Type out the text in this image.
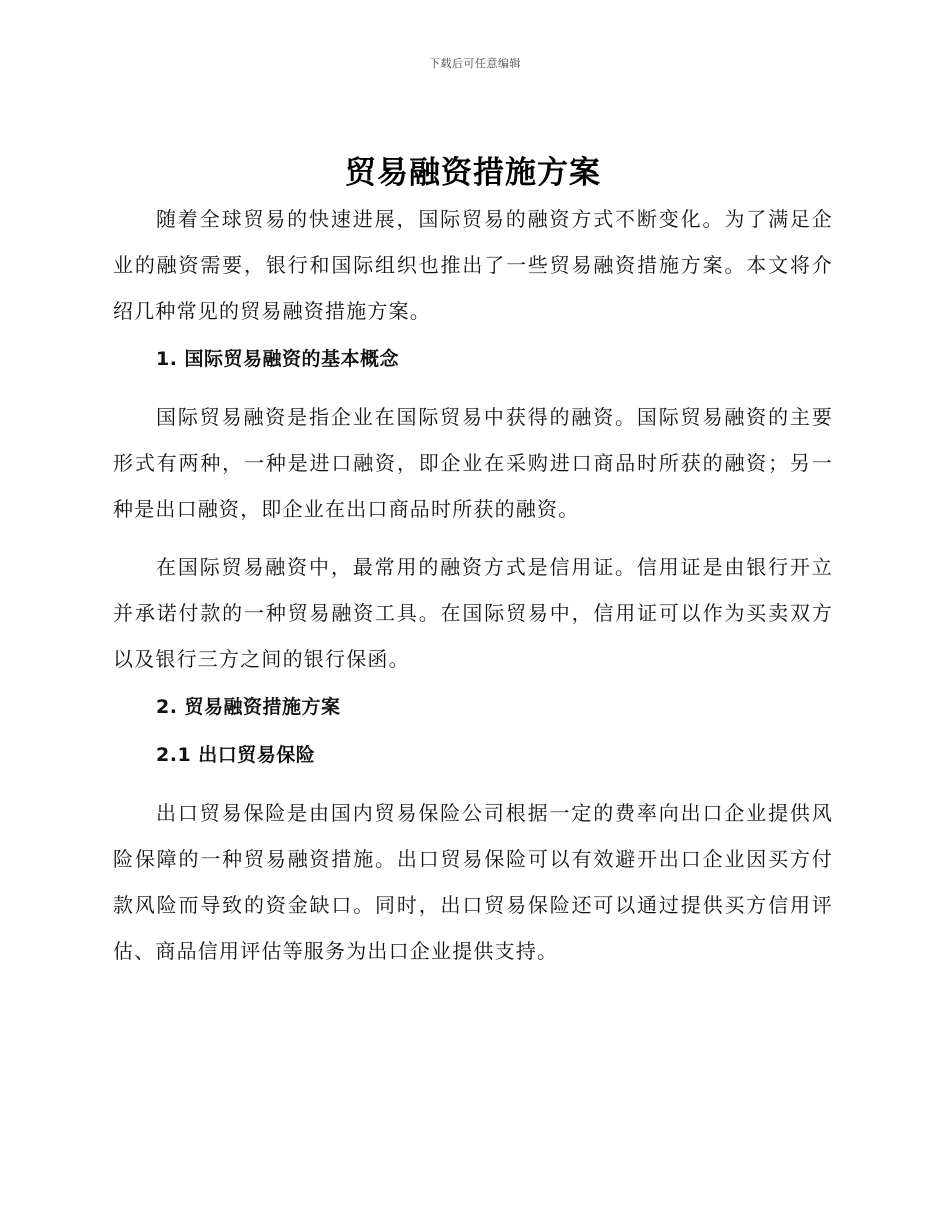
下载后可任意编辑
贸易融资措施方案

随着全球贸易的快速进展，国际贸易的融资方式不断变化。为了满足企业的融资需要，银行和国际组织也推出了一些贸易融资措施方案。本文将介绍几种常见的贸易融资措施方案。

1. 国际贸易融资的基本概念

国际贸易融资是指企业在国际贸易中获得的融资。国际贸易融资的主要形式有两种，一种是进口融资，即企业在采购进口商品时所获的融资；另一种是出口融资，即企业在出口商品时所获的融资。

在国际贸易融资中，最常用的融资方式是信用证。信用证是由银行开立并承诺付款的一种贸易融资工具。在国际贸易中，信用证可以作为买卖双方以及银行三方之间的银行保函。

2. 贸易融资措施方案
2.1 出口贸易保险

出口贸易保险是由国内贸易保险公司根据一定的费率向出口企业提供风险保障的一种贸易融资措施。出口贸易保险可以有效避开出口企业因买方付款风险而导致的资金缺口。同时，出口贸易保险还可以通过提供买方信用评估、商品信用评估等服务为出口企业提供支持。
